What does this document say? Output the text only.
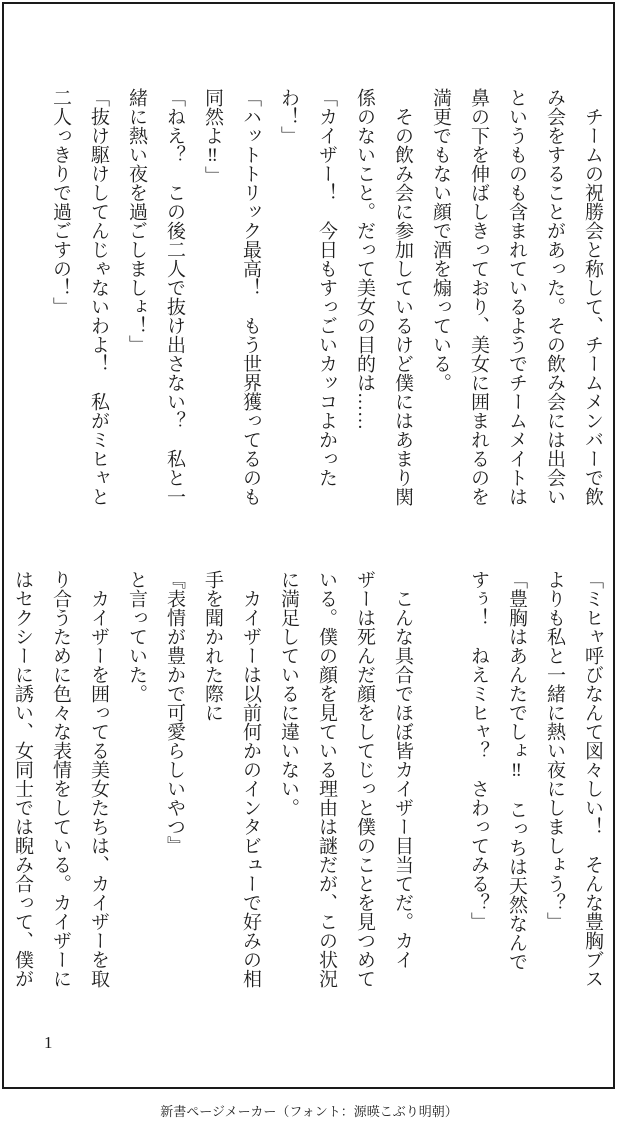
　チームの祝勝会と称して、チームメンバーで飲
み会をすることがあった。その飲み会には出会い
というものも含まれているようでチームメイトは
鼻の下を伸ばしきっており、美女に囲まれるのを
満更でもない顔で酒を煽っている。
　その飲み会に参加しているけど僕にはあまり関
係のないこと。だって美女の目的は……
「カイザー！　今日もすっごいカッコよかった
わ！」
「ハットトリック最高！　もう世界獲ってるのも
同然よ‼」
「ねえ？　この後二人で抜け出さない？　私と一
緒に熱い夜を過ごしましょ！」
「抜け駆けしてんじゃないわよ！　私がミヒャと
二人っきりで過ごすの！」
「ミヒャ呼びなんて図々しい！　そんな豊胸ブス
よりも私と一緒に熱い夜にしましょう？」
「豊胸はあんたでしょ‼　こっちは天然なんで
すぅ！　ねえミヒャ？　さわってみる？」
　こんな具合でほぼ皆カイザー目当てだ。カイ
ザーは死んだ顔をしてじっと僕のことを見つめて
いる。僕の顔を見ている理由は謎だが、この状況
に満足しているに違いない。
　カイザーは以前何かのインタビューで好みの相
手を聞かれた際に
『表情が豊かで可愛らしいやつ』
と言っていた。
　カイザーを囲ってる美女たちは、カイザーを取
り合うために色々な表情をしている。カイザーに
はセクシーに誘い、女同士では睨み合って、僕が
1
新書ページメーカー（フォント：源暎こぶり明朝）
